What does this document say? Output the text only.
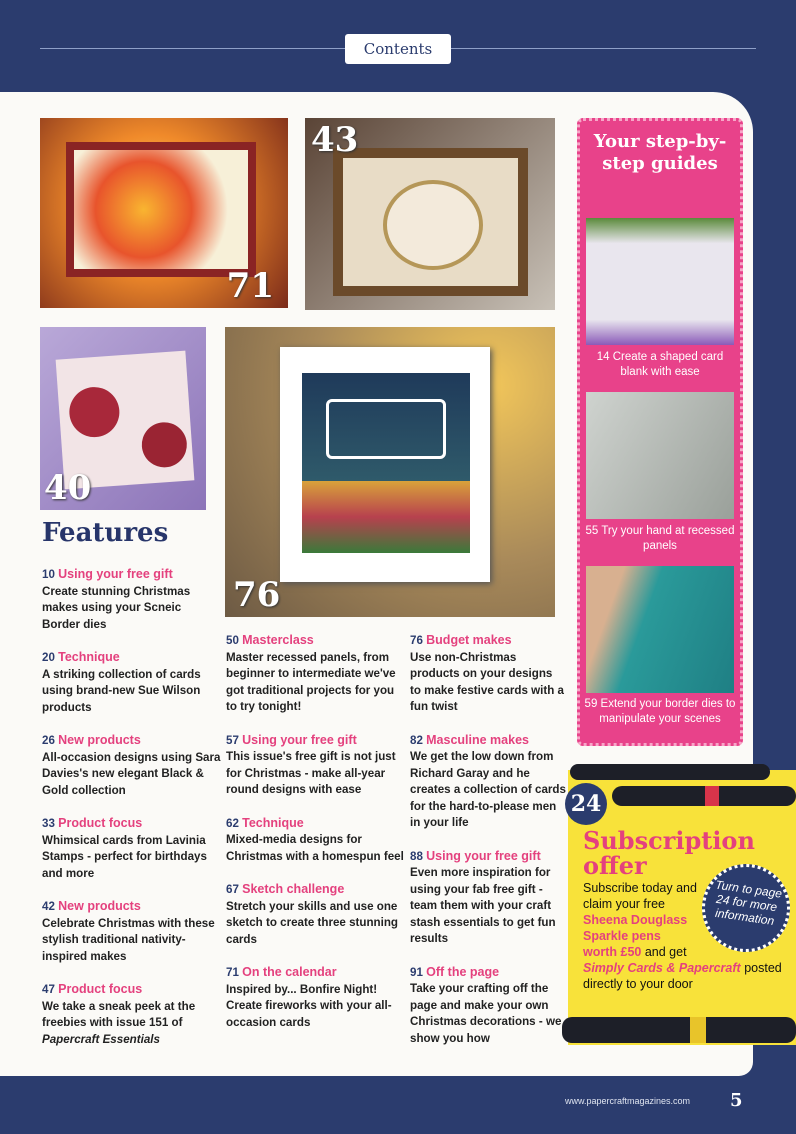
Contents
71
43
40
76
Features
10 Using your free gift
Create stunning Christmas makes using your Scneic Border dies
20 Technique
A striking collection of cards using brand-new Sue Wilson products
26 New products
All-occasion designs using Sara Davies's new elegant Black & Gold collection
33 Product focus
Whimsical cards from Lavinia Stamps - perfect for birthdays and more
42 New products
Celebrate Christmas with these stylish traditional nativity-inspired makes
47 Product focus
We take a sneak peek at the freebies with issue 151 of Papercraft Essentials
50 Masterclass
Master recessed panels, from beginner to intermediate we've got traditional projects for you to try tonight!
57 Using your free gift
This issue's free gift is not just for Christmas - make all-year round designs with ease
62 Technique
Mixed-media designs for Christmas with a homespun feel
67 Sketch challenge
Stretch your skills and use one sketch to create three stunning cards
71 On the calendar
Inspired by... Bonfire Night! Create fireworks with your all-occasion cards
76 Budget makes
Use non-Christmas products on your designs to make festive cards with a fun twist
82 Masculine makes
We get the low down from Richard Garay and he creates a collection of cards for the hard-to-please men in your life
88 Using your free gift
Even more inspiration for using your fab free gift - team them with your craft stash essentials to get fun results
91 Off the page
Take your crafting off the page and make your own Christmas decorations - we show you how
Your step-by-step guides
14 Create a shaped card blank with ease
55 Try your hand at recessed panels
59 Extend your border dies to manipulate your scenes
24
Subscription
offer
Subscribe today and claim your free Sheena Douglass Sparkle pens worth £50 and get Simply Cards & Papercraft posted directly to your door
Turn to page 24 for more information
www.papercraftmagazines.com 5
